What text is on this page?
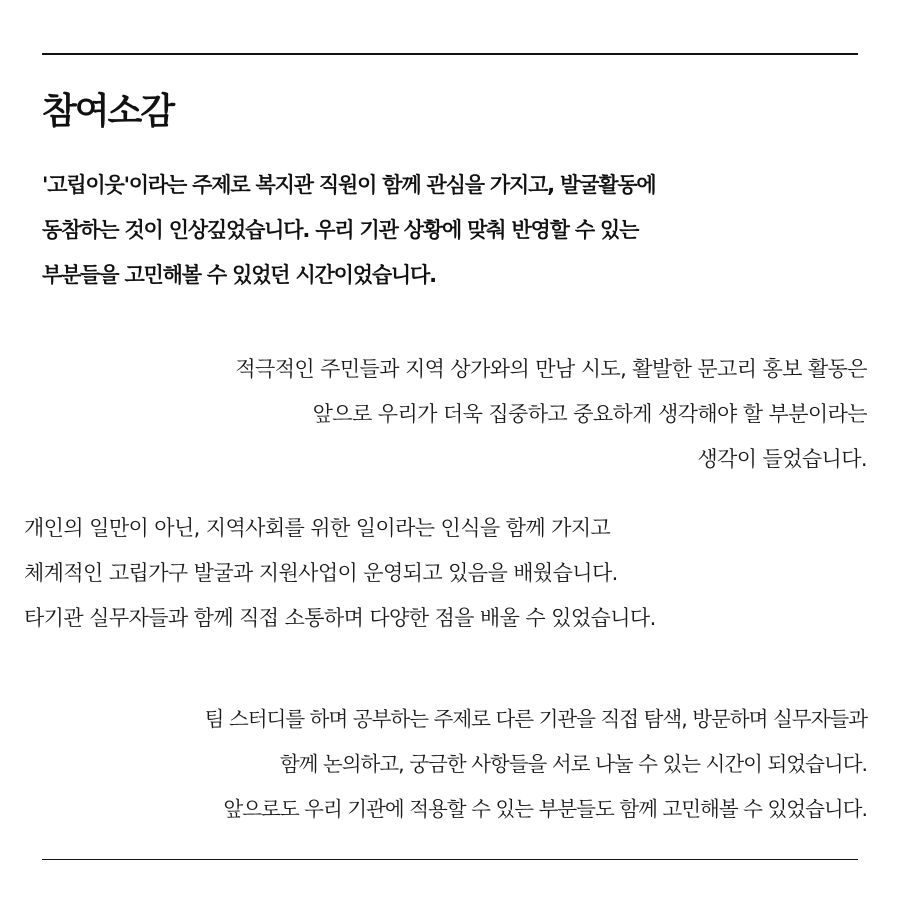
참여소감
'고립이웃'이라는 주제로 복지관 직원이 함께 관심을 가지고, 발굴활동에
동참하는 것이 인상깊었습니다. 우리 기관 상황에 맞춰 반영할 수 있는
부분들을 고민해볼 수 있었던 시간이었습니다.
적극적인 주민들과 지역 상가와의 만남 시도, 활발한 문고리 홍보 활동은
앞으로 우리가 더욱 집중하고 중요하게 생각해야 할 부분이라는
생각이 들었습니다.
개인의 일만이 아닌, 지역사회를 위한 일이라는 인식을 함께 가지고
체계적인 고립가구 발굴과 지원사업이 운영되고 있음을 배웠습니다.
타기관 실무자들과 함께 직접 소통하며 다양한 점을 배울 수 있었습니다.
팀 스터디를 하며 공부하는 주제로 다른 기관을 직접 탐색, 방문하며 실무자들과
함께 논의하고, 궁금한 사항들을 서로 나눌 수 있는 시간이 되었습니다.
앞으로도 우리 기관에 적용할 수 있는 부분들도 함께 고민해볼 수 있었습니다.
